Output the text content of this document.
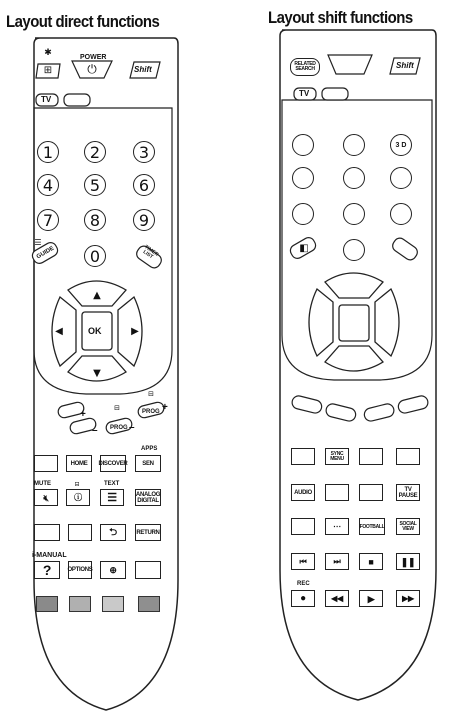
Layout direct functions	Layout shift functions
✱
⊞
POWER
⏻	Shift
TV
1	2	3
4	5	6
7	8	9
0
☰
GUIDE	TIMER LIST
▲
▼
◀	▶
OK
+
–
⊟
PROG –
⊟
PROG +
APPS
HOME	DISCOVER	SEN
MUTE	⊟	TEXT
🔇︎	ⓘ ☰	ANALOG DIGITAL
⮌	RETURN
i-MANUAL
?	OPTIONS ⊕
RELATED SEARCH	Shift
TV
3 D
◧
SYNC MENU
AUDIO	TV PAUSE
⋯	FOOTBALL	SOCIAL VIEW
⏮	⏭	■	❚❚
REC
●	◀◀	▶	▶▶
